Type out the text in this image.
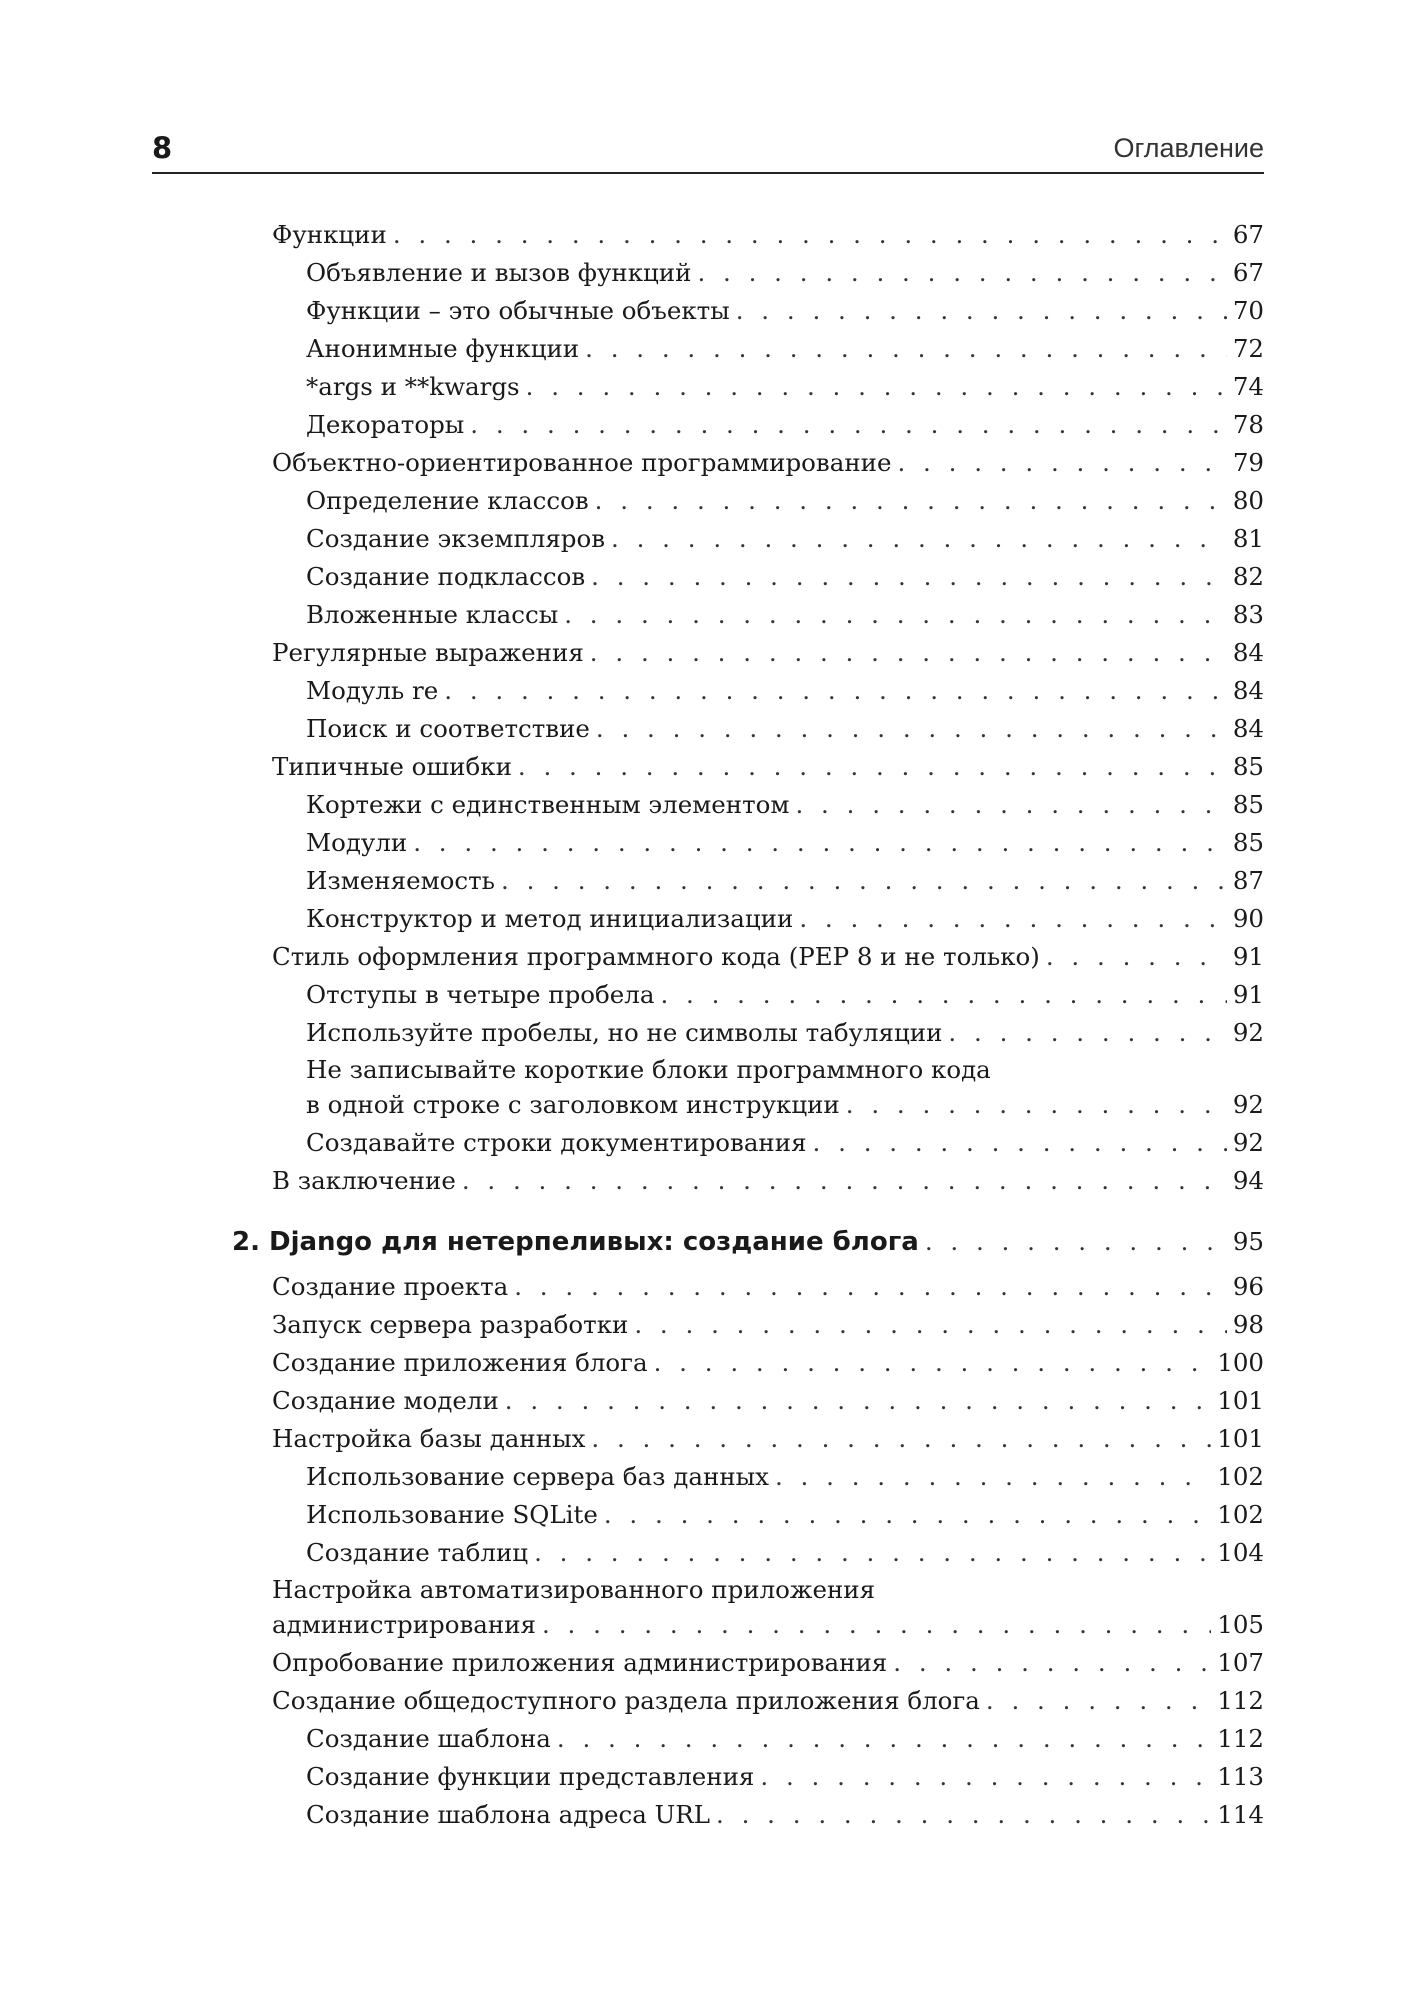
8	Оглавление
Функции . . .	67
Объявление и вызов функций . . .	67
Функции – это обычные объекты . . .	70
Анонимные функции . . .	72
*args и **kwargs . . .	74
Декораторы . . .	78
Объектно-ориентированное программирование . . .	79
Определение классов . . .	80
Создание экземпляров . . .	81
Создание подклассов . . .	82
Вложенные классы . . .	83
Регулярные выражения . . .	84
Модуль re . . .	84
Поиск и соответствие . . .	84
Типичные ошибки . . .	85
Кортежи с единственным элементом . . .	85
Модули . . .	85
Изменяемость . . .	87
Конструктор и метод инициализации . . .	90
Стиль оформления программного кода (PEP 8 и не только) . . .	91
Отступы в четыре пробела . . .	91
Используйте пробелы, но не символы табуляции . . .	92
Не записывайте короткие блоки программного кода
в одной строке с заголовком инструкции . . .	92
Создавайте строки документирования . . .	92
В заключение . . .	94
2. Django для нетерпеливых: создание блога . . .	95
Создание проекта . . .	96
Запуск сервера разработки . . .	98
Создание приложения блога . . .	100
Создание модели . . .	101
Настройка базы данных . . .	101
Использование сервера баз данных . . .	102
Использование SQLite . . .	102
Создание таблиц . . .	104
Настройка автоматизированного приложения
администрирования . . .	105
Опробование приложения администрирования . . .	107
Создание общедоступного раздела приложения блога . . .	112
Создание шаблона . . .	112
Создание функции представления . . .	113
Создание шаблона адреса URL . . .	114
